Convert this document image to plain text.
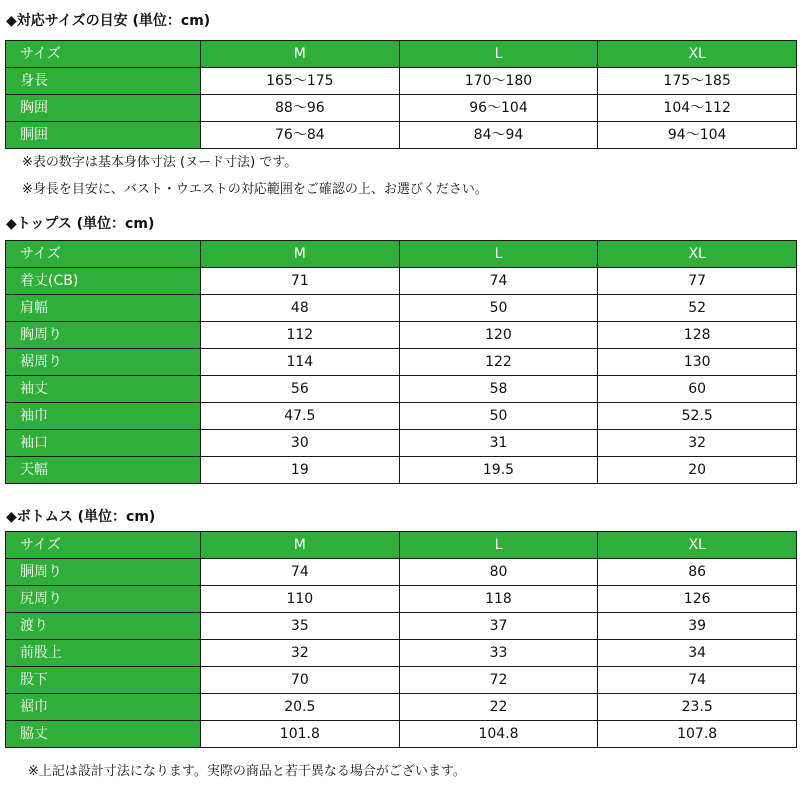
◆対応サイズの目安 (単位：cm)
サイズ	M	L	XL
身長	165〜175	170〜180	175〜185
胸囲	88〜96	96〜104	104〜112
胴囲	76〜84	84〜94	94〜104
※表の数字は基本身体寸法 (ヌード寸法) です。
※身長を目安に、バスト・ウエストの対応範囲をご確認の上、お選びください。
◆トップス (単位：cm)
サイズ	M	L	XL
着丈(CB)	71	74	77
肩幅	48	50	52
胸周り	112	120	128
裾周り	114	122	130
袖丈	56	58	60
袖巾	47.5	50	52.5
袖口	30	31	32
天幅	19	19.5	20
◆ボトムス (単位：cm)
サイズ	M	L	XL
胴周り	74	80	86
尻周り	110	118	126
渡り	35	37	39
前股上	32	33	34
股下	70	72	74
裾巾	20.5	22	23.5
脇丈	101.8	104.8	107.8
※上記は設計寸法になります。実際の商品と若干異なる場合がございます。
